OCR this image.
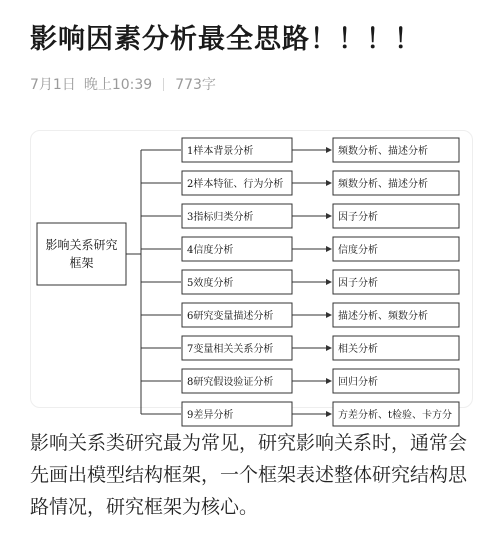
影响因素分析最全思路！！！！
7月1日 晚上10:39 773字
1样本背景分析	频数分析、描述分析
2样本特征、行为分析	频数分析、描述分析
3指标归类分析	因子分析
4信度分析	信度分析
5效度分析	因子分析
6研究变量描述分析	描述分析、频数分析
7变量相关关系分析	相关分析
8研究假设验证分析	回归分析
9差异分析	方差分析、t检验、卡方分
影响关系研究
框架
影响关系类研究最为常见，研究影响关系时，通常会先画出模型结构框架，一个框架表述整体研究结构思路情况，研究框架为核心。
